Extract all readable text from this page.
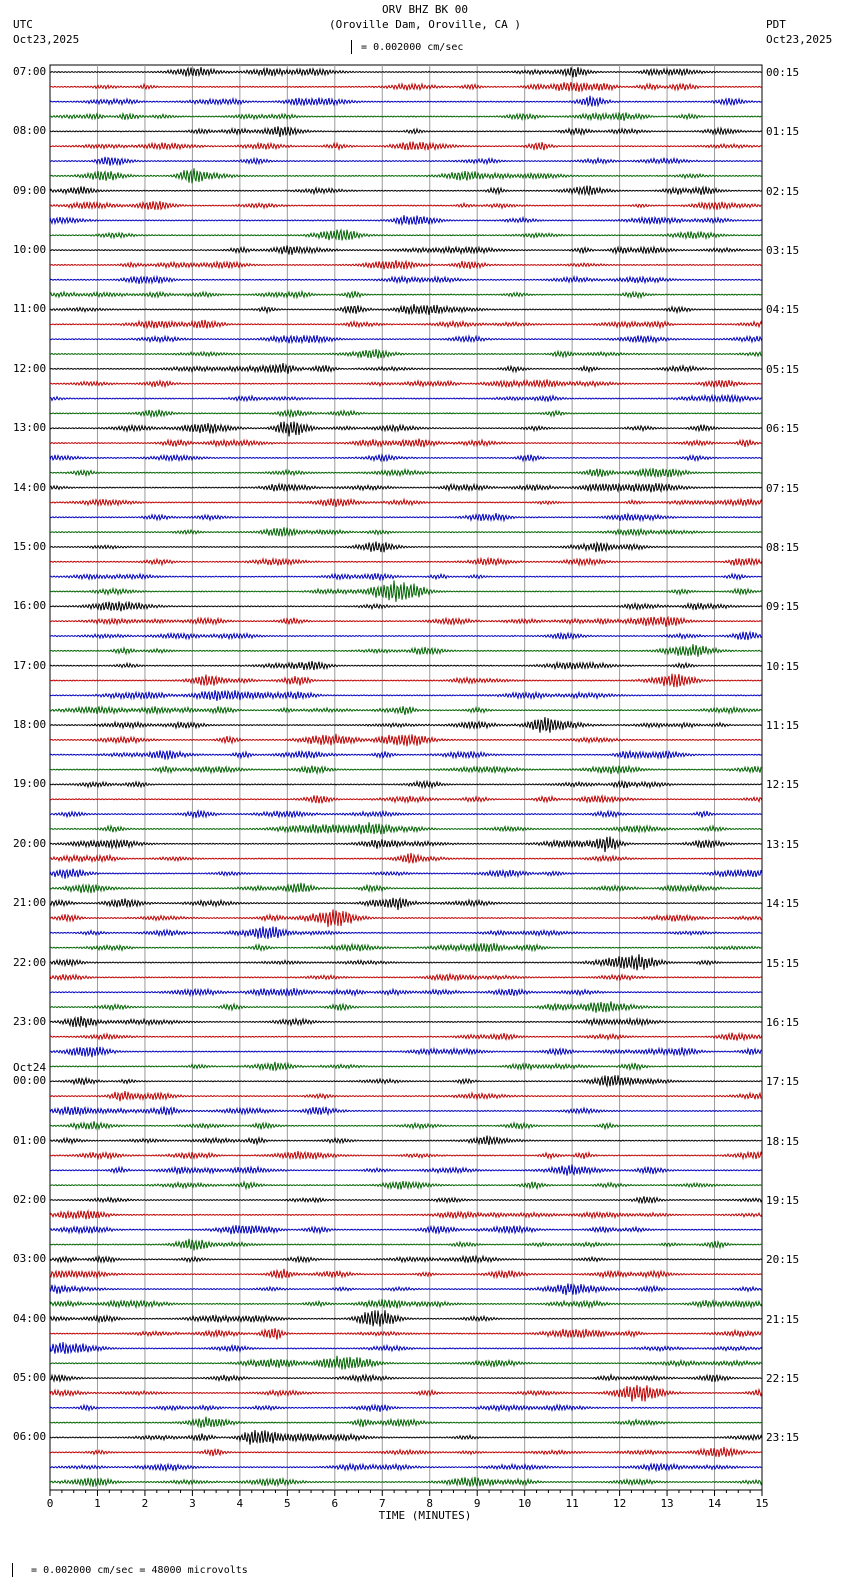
ORV BHZ BK 00
(Oroville Dam, Oroville, CA )
UTC
Oct23,2025
PDT
Oct23,2025
= 0.002000 cm/sec
0	1	2	3	4	5	6	7	8	9	10	11	12	13	14	15
07:00
08:00
09:00
10:00
11:00
12:00
13:00
14:00
15:00
16:00
17:00
18:00
19:00
20:00
21:00
22:00
23:00
00:00
01:00
02:00
03:00
04:00
05:00
06:00
Oct24
00:15
01:15
02:15
03:15
04:15
05:15
06:15
07:15
08:15
09:15
10:15
11:15
12:15
13:15
14:15
15:15
16:15
17:15
18:15
19:15
20:15
21:15
22:15
23:15
TIME (MINUTES)
= 0.002000 cm/sec = 48000 microvolts
